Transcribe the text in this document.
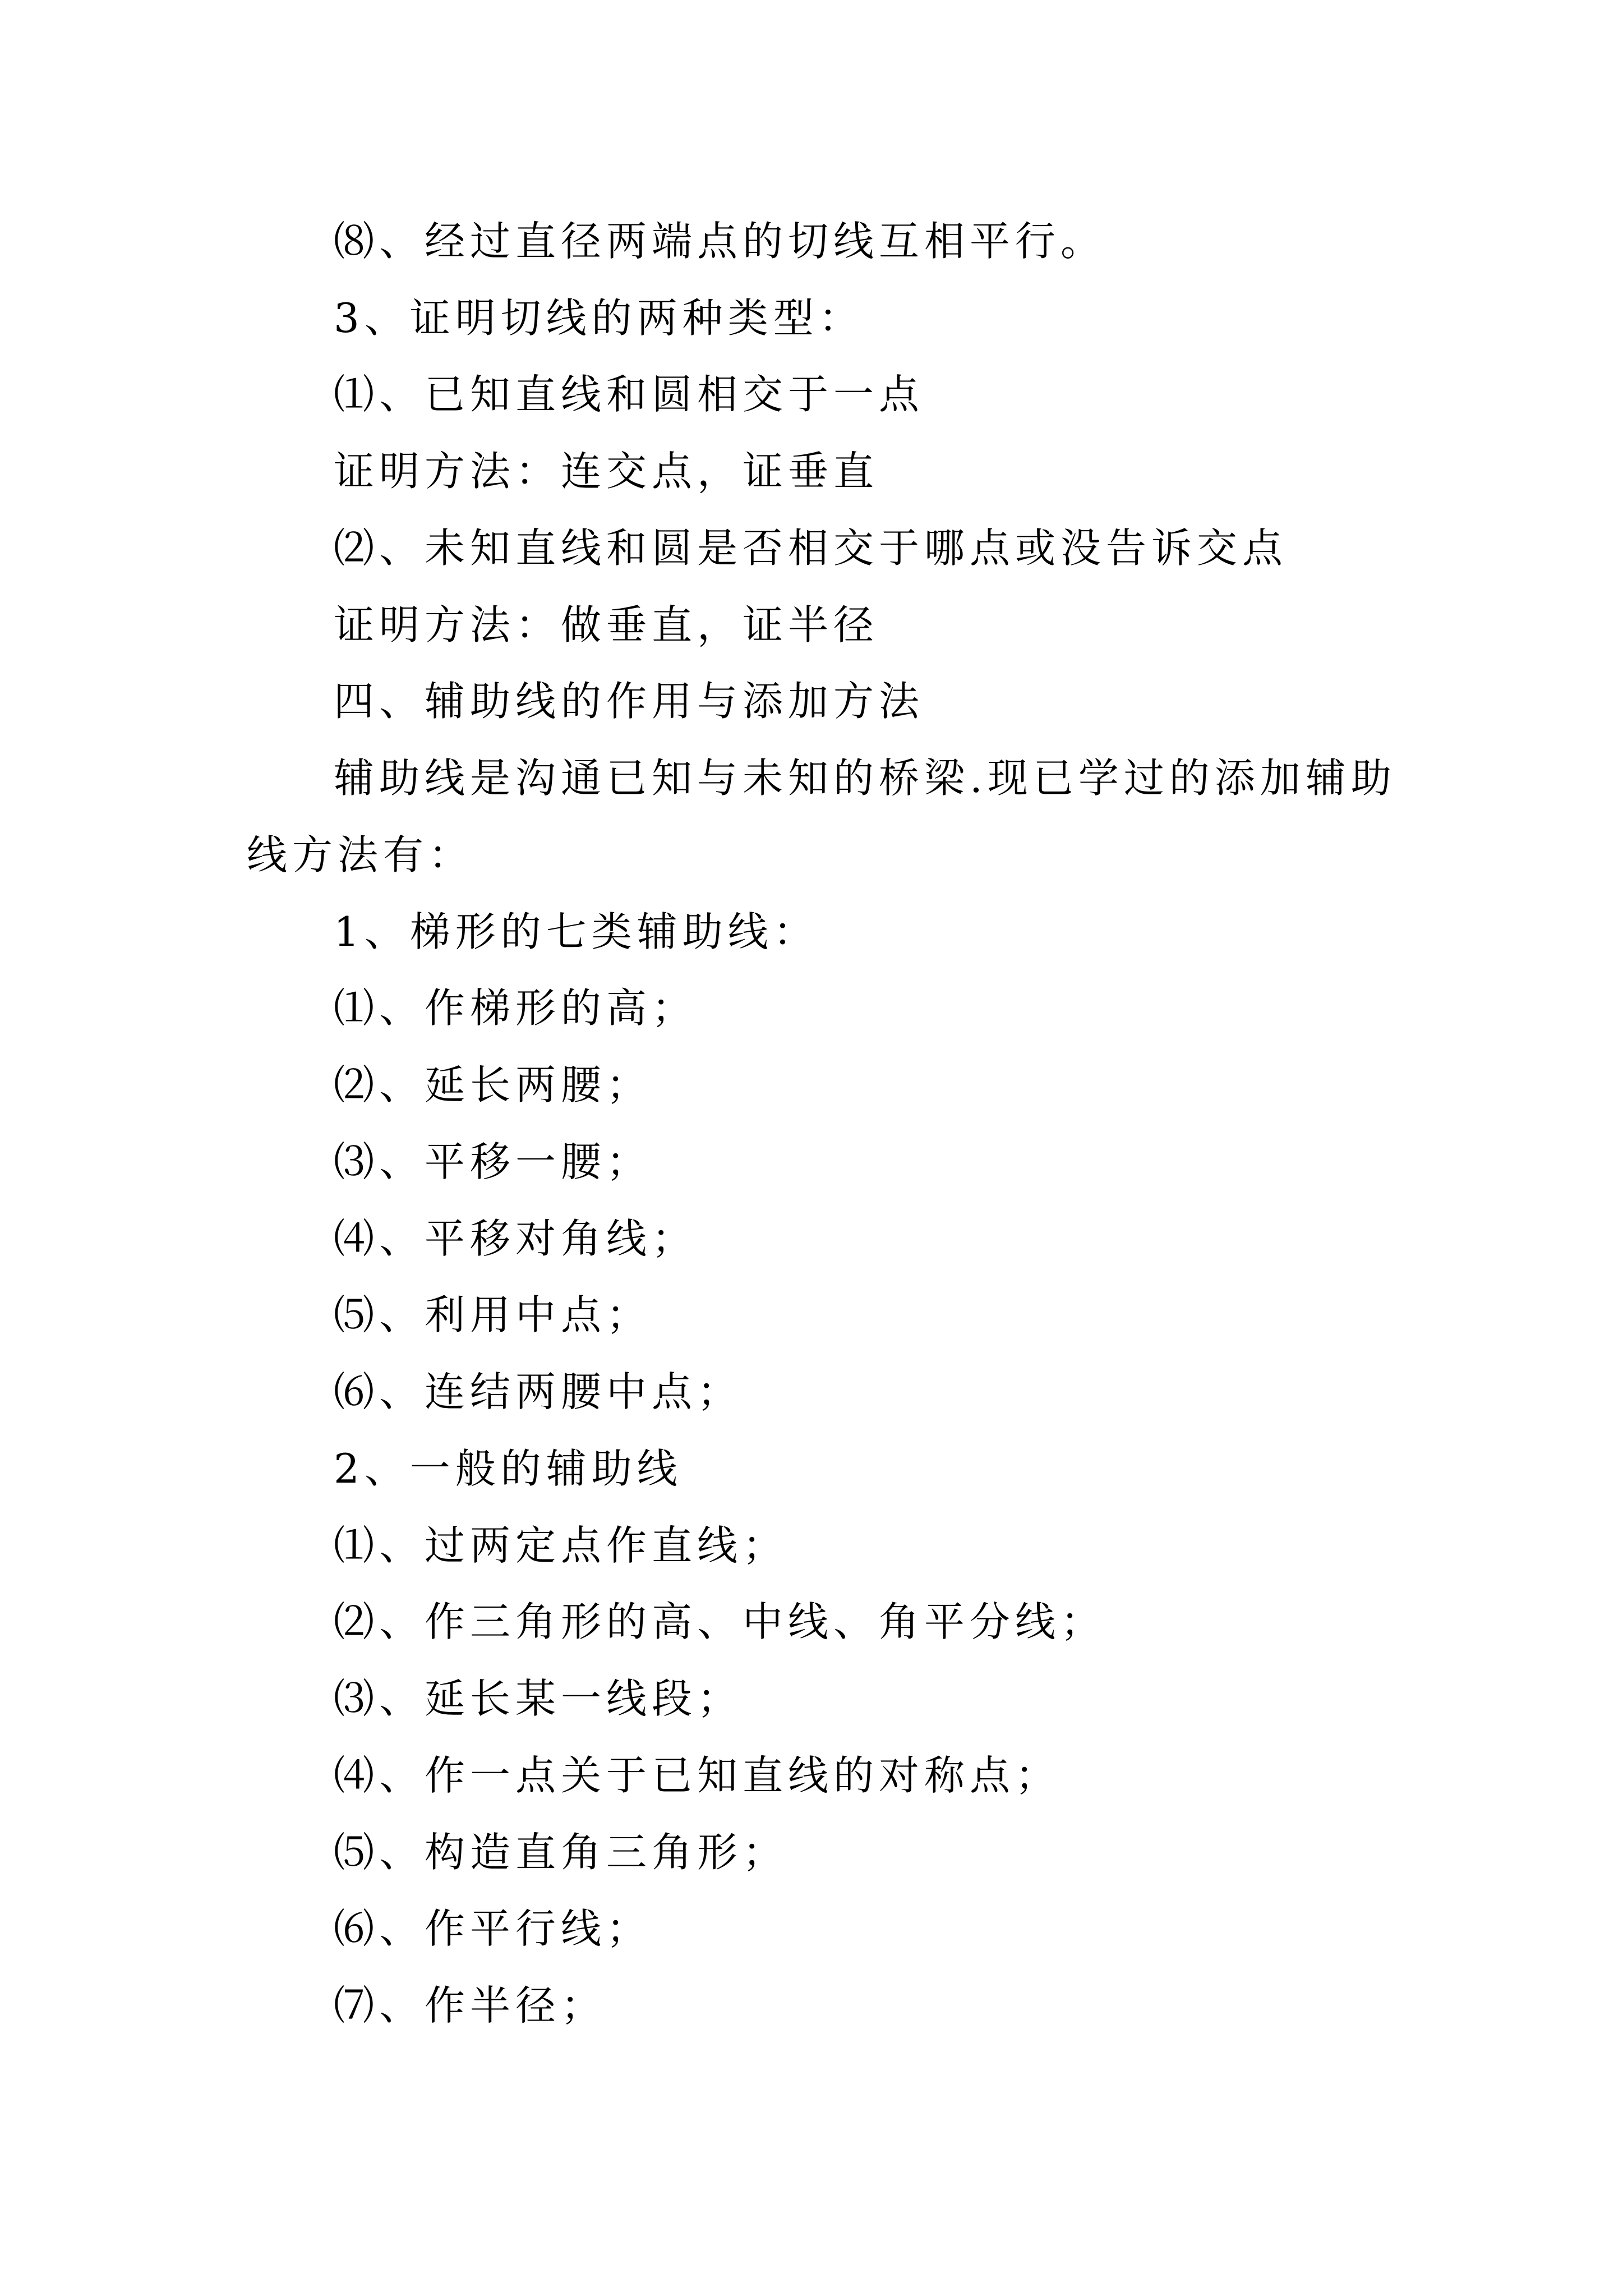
⑻、经过直径两端点的切线互相平行。
3、证明切线的两种类型：
⑴、已知直线和圆相交于一点
证明方法：连交点，证垂直
⑵、未知直线和圆是否相交于哪点或没告诉交点
证明方法：做垂直，证半径
四、辅助线的作用与添加方法
辅助线是沟通已知与未知的桥梁.现已学过的添加辅助
线方法有：
1、梯形的七类辅助线：
⑴、作梯形的高；
⑵、延长两腰；
⑶、平移一腰；
⑷、平移对角线；
⑸、利用中点；
⑹、连结两腰中点；
2、一般的辅助线
⑴、过两定点作直线；
⑵、作三角形的高、中线、角平分线；
⑶、延长某一线段；
⑷、作一点关于已知直线的对称点；
⑸、构造直角三角形；
⑹、作平行线；
⑺、作半径；
